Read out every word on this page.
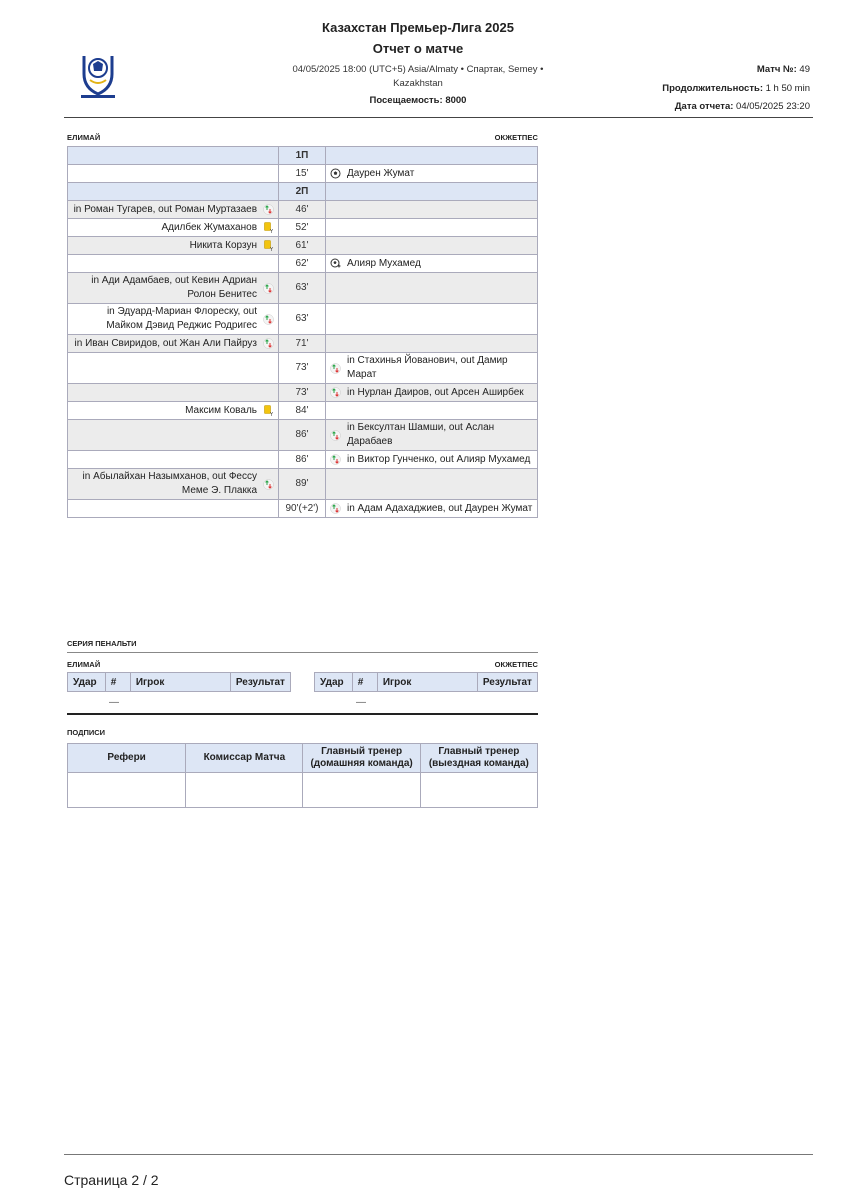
Казахстан Премьер-Лига 2025
Отчет о матче
04/05/2025 18:00 (UTC+5) Asia/Almaty • Спартак, Semey •
Kazakhstan
Посещаемость: 8000
Матч №: 49
Продолжительность: 1 h 50 min
Дата отчета: 04/05/2025 23:20
ЕЛИМАЙ	ОКЖЕТПЕС
	1П	
	15'	Даурен Жумат

	2П	

in Роман Тугарев, out Роман Муртазаев	46'	

Адилбек Жумаханов Y	52'	

Никита Корзун Y	61'	
	62'	Алияр Мухамед

in Ади Адамбаев, out Кевин Адриан Ролон Бенитес	63'	

in Эдуард-Мариан Флореску, out Майком Дэвид Реджис Родригес	63'	

in Иван Свиридов, out Жан Али Пайруз	71'	
	73'	in Стахинья Йованович, out Дамир Марат

	73'	in Нурлан Даиров, out Арсен Аширбек

Максим Коваль Y	84'	
	86'	in Бексултан Шамши, out Аслан Дарабаев

	86'	in Виктор Гунченко, out Алияр Мухамед

in Абылайхан Назымханов, out Фессу Меме Э. Плакка	89'	
	90'(+2')	in Адам Адахаджиев, out Даурен Жумат
СЕРИЯ ПЕНАЛЬТИ
ЕЛИМАЙ	ОКЖЕТПЕС
Удар	#	Игрок	Результат	Удар	#	Игрок	Результат
—	—
ПОДПИСИ
Рефери	Комиссар Матча	Главный тренер (домашняя команда)	Главный тренер (выездная команда)

Страница 2 / 2
